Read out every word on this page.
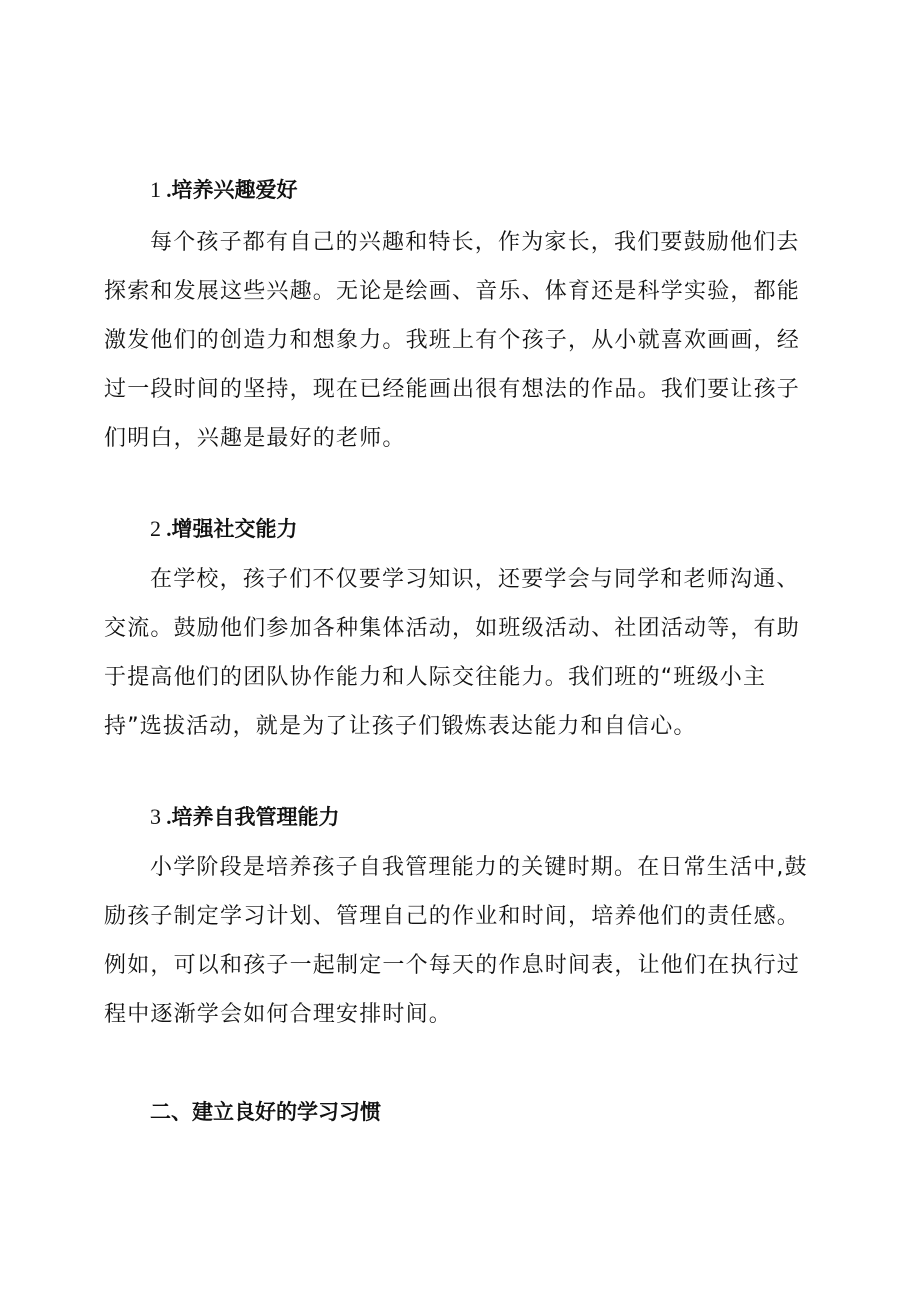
1 .培养兴趣爱好
每个孩子都有自己的兴趣和特长，作为家长，我们要鼓励他们去
探索和发展这些兴趣。无论是绘画、音乐、体育还是科学实验，都能
激发他们的创造力和想象力。我班上有个孩子，从小就喜欢画画，经
过一段时间的坚持，现在已经能画出很有想法的作品。我们要让孩子
们明白，兴趣是最好的老师。
2 .增强社交能力
在学校，孩子们不仅要学习知识，还要学会与同学和老师沟通、
交流。鼓励他们参加各种集体活动，如班级活动、社团活动等，有助
于提高他们的团队协作能力和人际交往能力。我们班的“班级小主
持”选拔活动，就是为了让孩子们锻炼表达能力和自信心。
3 .培养自我管理能力
小学阶段是培养孩子自我管理能力的关键时期。在日常生活中,鼓
励孩子制定学习计划、管理自己的作业和时间，培养他们的责任感。
例如，可以和孩子一起制定一个每天的作息时间表，让他们在执行过
程中逐渐学会如何合理安排时间。
二、建立良好的学习习惯
